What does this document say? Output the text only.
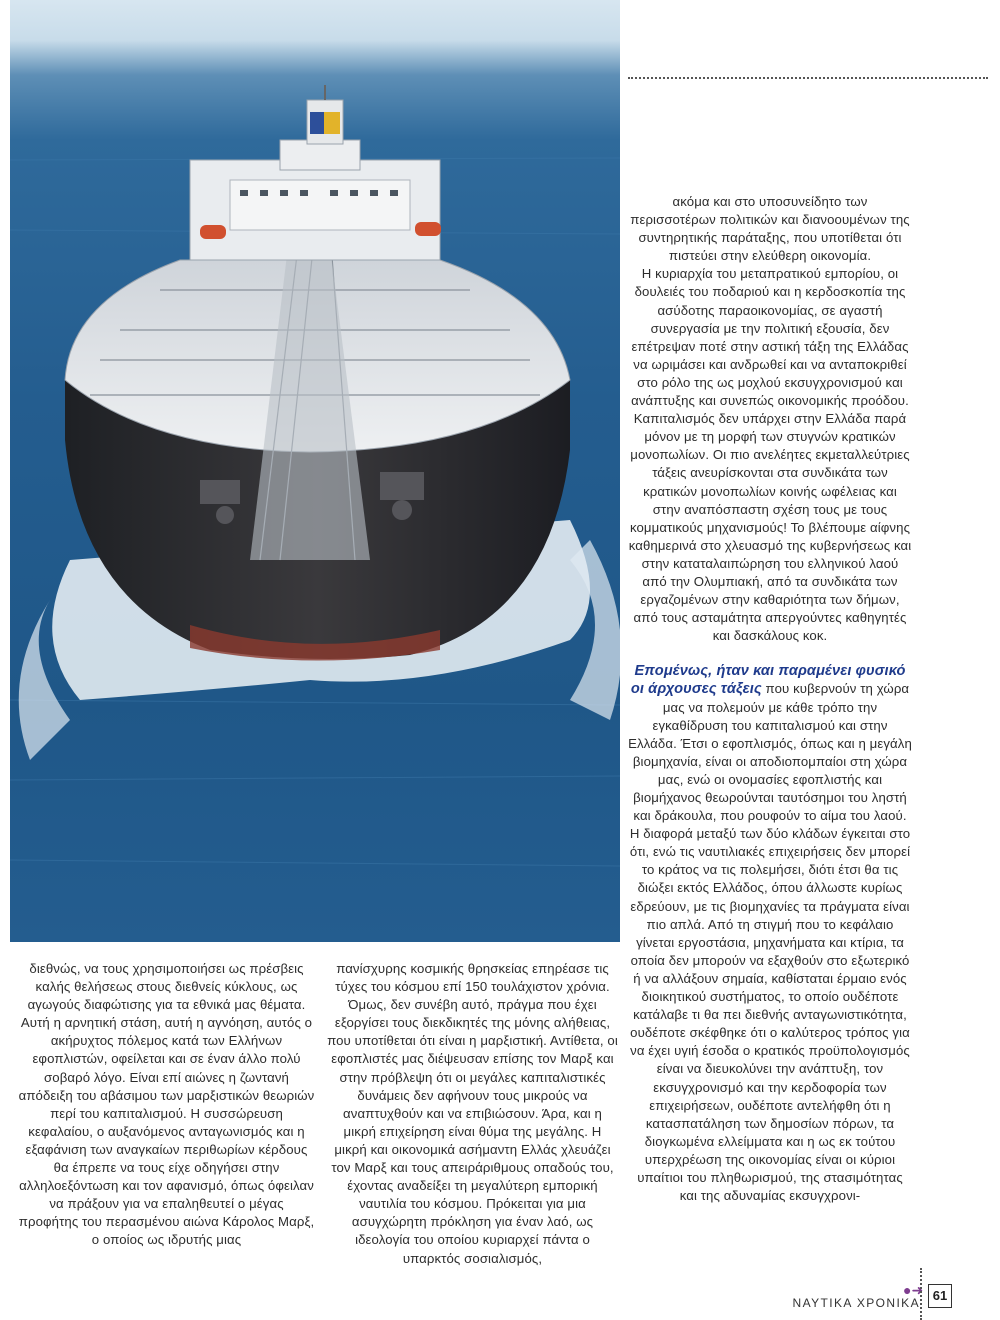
ακόμα και στο υποσυνείδητο των περισσοτέρων πολιτικών και διανοουμένων της συντηρητικής παράταξης, που υποτίθεται ότι πιστεύει στην ελεύθερη οικονομία.

Η κυριαρχία του μεταπρατικού εμπορίου, οι δουλειές του ποδαριού και η κερδοσκοπία της ασύδοτης παραοικονομίας, σε αγαστή συνεργασία με την πολιτική εξουσία, δεν επέτρεψαν ποτέ στην αστική τάξη της Ελλάδας να ωριμάσει και ανδρωθεί και να ανταποκριθεί στο ρόλο της ως μοχλού εκσυγχρονισμού και ανάπτυξης και συνεπώς οικονομικής προόδου. Καπιταλισμός δεν υπάρχει στην Ελλάδα παρά μόνον με τη μορφή των στυγνών κρατικών μονοπωλίων. Οι πιο ανελέητες εκμεταλλεύτριες τάξεις ανευρίσκονται στα συνδικάτα των κρατικών μονοπωλίων κοινής ωφέλειας και στην αναπόσπαστη σχέση τους με τους κομματικούς μηχανισμούς! Το βλέπουμε αίφνης καθημερινά στο χλευασμό της κυβερνήσεως και στην καταταλαιπώρηση του ελληνικού λαού από την Ολυμπιακή, από τα συνδικάτα των εργαζομένων στην καθαριότητα των δήμων, από τους ασταμάτητα απεργούντες καθηγητές και δασκάλους κοκ.

Επομένως, ήταν και παραμένει φυσικό οι άρχουσες τάξεις που κυβερνούν τη χώρα μας να πολεμούν με κάθε τρόπο την εγκαθίδρυση του καπιταλισμού και στην Ελλάδα. Έτσι ο εφοπλισμός, όπως και η μεγάλη βιομηχανία, είναι οι αποδιοπομπαίοι στη χώρα μας, ενώ οι ονομασίες εφοπλιστής και βιομήχανος θεωρούνται ταυτόσημοι του ληστή και δράκουλα, που ρουφούν το αίμα του λαού. Η διαφορά μεταξύ των δύο κλάδων έγκειται στο ότι, ενώ τις ναυτιλιακές επιχειρήσεις δεν μπορεί το κράτος να τις πολεμήσει, διότι έτσι θα τις διώξει εκτός Ελλάδος, όπου άλλωστε κυρίως εδρεύουν, με τις βιομηχανίες τα πράγματα είναι πιο απλά. Από τη στιγμή που το κεφάλαιο γίνεται εργοστάσια, μηχανήματα και κτίρια, τα οποία δεν μπορούν να εξαχθούν στο εξωτερικό ή να αλλάξουν σημαία, καθίσταται έρμαιο ενός διοικητικού συστήματος, το οποίο ουδέποτε κατάλαβε τι θα πει διεθνής ανταγωνιστικότητα, ουδέποτε σκέφθηκε ότι ο καλύτερος τρόπος για να έχει υγιή έσοδα ο κρατικός προϋπολογισμός είναι να διευκολύνει την ανάπτυξη, τον εκσυγχρονισμό και την κερδοφορία των επιχειρήσεων, ουδέποτε αντελήφθη ότι η κατασπατάληση των δημοσίων πόρων, τα διογκωμένα ελλείμματα και η ως εκ τούτου υπερχρέωση της οικονομίας είναι οι κύριοι υπαίτιοι του πληθωρισμού, της στασιμότητας και της αδυναμίας εκσυγχρονι-

διεθνώς, να τους χρησιμοποιήσει ως πρέσβεις καλής θελήσεως στους διεθνείς κύκλους, ως αγωγούς διαφώτισης για τα εθνικά μας θέματα.

Αυτή η αρνητική στάση, αυτή η αγνόηση, αυτός ο ακήρυχτος πόλεμος κατά των Ελλήνων εφοπλιστών, οφείλεται και σε έναν άλλο πολύ σοβαρό λόγο. Είναι επί αιώνες η ζωντανή απόδειξη του αβάσιμου των μαρξιστικών θεωριών περί του καπιταλισμού. Η συσσώρευση κεφαλαίου, ο αυξανόμενος ανταγωνισμός και η εξαφάνιση των αναγκαίων περιθωρίων κέρδους θα έπρεπε να τους είχε οδηγήσει στην αλληλοεξόντωση και τον αφανισμό, όπως όφειλαν να πράξουν για να επαληθευτεί ο μέγας προφήτης του περασμένου αιώνα Κάρολος Μαρξ, ο οποίος ως ιδρυτής μιας

πανίσχυρης κοσμικής θρησκείας επηρέασε τις τύχες του κόσμου επί 150 τουλάχιστον χρόνια. Όμως, δεν συνέβη αυτό, πράγμα που έχει εξοργίσει τους διεκδικητές της μόνης αλήθειας, που υποτίθεται ότι είναι η μαρξιστική. Αντίθετα, οι εφοπλιστές μας διέψευσαν επίσης τον Μαρξ και στην πρόβλεψη ότι οι μεγάλες καπιταλιστικές δυνάμεις δεν αφήνουν τους μικρούς να αναπτυχθούν και να επιβιώσουν. Άρα, και η μικρή επιχείρηση είναι θύμα της μεγάλης. Η μικρή και οικονομικά ασήμαντη Ελλάς χλευάζει τον Μαρξ και τους απειράριθμους οπαδούς του, έχοντας αναδείξει τη μεγαλύτερη εμπορική ναυτιλία του κόσμου. Πρόκειται για μια ασυγχώρητη πρόκληση για έναν λαό, ως ιδεολογία του οποίου κυριαρχεί πάντα ο υπαρκτός σοσιαλισμός,

●➜
ΝΑΥΤΙΚΑ ΧΡΟΝΙΚΑ 61
